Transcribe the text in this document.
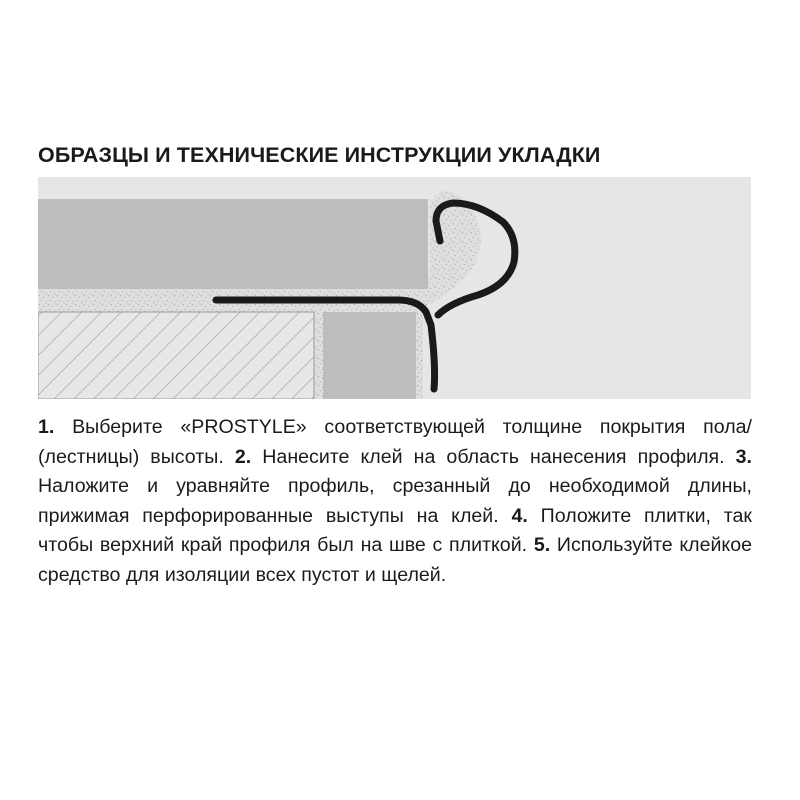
ОБРАЗЦЫ И ТЕХНИЧЕСКИЕ ИНСТРУКЦИИ УКЛАДКИ
1. Выберите «PROSTYLE» соответствующей толщине покрытия пола/ (лестницы) высоты. 2. Нанесите клей на область нанесения профиля. 3. Наложите и уравняйте профиль, срезанный до необходимой длины, прижимая перфорированные выступы на клей. 4. Положите плитки, так чтобы верхний край профиля был на шве с плиткой. 5. Используйте клейкое средство для изоляции всех пустот и щелей.
